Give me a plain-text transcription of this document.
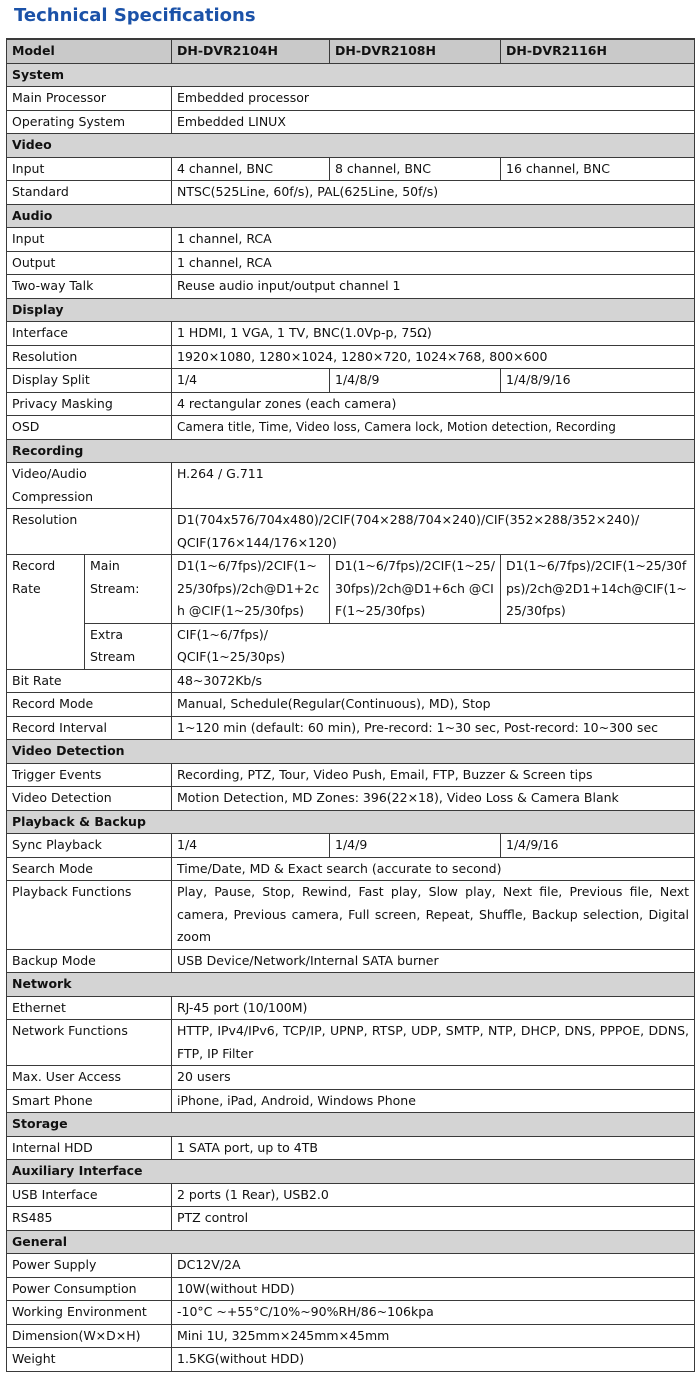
Technical Specifications
Model		DH-DVR2104H	DH-DVR2108H	DH-DVR2116H
System				
Main Processor		Embedded processor		
Operating System		Embedded LINUX		
Video				
Input		4 channel, BNC	8 channel, BNC	16 channel, BNC
Standard		NTSC(525Line, 60f/s), PAL(625Line, 50f/s)		
Audio				
Input		1 channel, RCA		
Output		1 channel, RCA		
Two-way Talk		Reuse audio input/output channel 1		
Display				
Interface		1 HDMI, 1 VGA, 1 TV, BNC(1.0Vp-p, 75Ω)		
Resolution		1920×1080, 1280×1024, 1280×720, 1024×768, 800×600		
Display Split		1/4	1/4/8/9	1/4/8/9/16
Privacy Masking		4 rectangular zones (each camera)		
OSD		Camera title, Time, Video loss, Camera lock, Motion detection, Recording		
Recording				
Video/Audio Compression		H.264 / G.711		
Resolution		D1(704x576/704x480)/2CIF(704×288/704×240)/CIF(352×288/352×240)/ QCIF(176×144/176×120)		
Record Rate	Main Stream:	D1(1~6/7fps)/2CIF(1~25/30fps)/2ch@D1+2ch @CIF(1~25/30fps)	D1(1~6/7fps)/2CIF(1~25/30fps)/2ch@D1+6ch @CIF(1~25/30fps)	D1(1~6/7fps)/2CIF(1~25/30fps)/2ch@2D1+14ch@CIF(1~25/30fps)
	Extra Stream	CIF(1~6/7fps)/ QCIF(1~25/30ps)		
Bit Rate		48~3072Kb/s		
Record Mode		Manual, Schedule(Regular(Continuous), MD), Stop		
Record Interval		1~120 min (default: 60 min), Pre-record: 1~30 sec, Post-record: 10~300 sec		
Video Detection				
Trigger Events		Recording, PTZ, Tour, Video Push, Email, FTP, Buzzer & Screen tips		
Video Detection		Motion Detection, MD Zones: 396(22×18), Video Loss & Camera Blank		
Playback & Backup				
Sync Playback		1/4	1/4/9	1/4/9/16
Search Mode		Time/Date, MD & Exact search (accurate to second)		
Playback Functions		Play, Pause, Stop, Rewind, Fast play, Slow play, Next file, Previous file, Next camera, Previous camera, Full screen, Repeat, Shuffle, Backup selection, Digital zoom		
Backup Mode		USB Device/Network/Internal SATA burner		
Network				
Ethernet		RJ-45 port (10/100M)		
Network Functions		HTTP, IPv4/IPv6, TCP/IP, UPNP, RTSP, UDP, SMTP, NTP, DHCP, DNS, PPPOE, DDNS, FTP, IP Filter		
Max. User Access		20 users		
Smart Phone		iPhone, iPad, Android, Windows Phone		
Storage				
Internal HDD		1 SATA port, up to 4TB		
Auxiliary Interface				
USB Interface		2 ports (1 Rear), USB2.0		
RS485		PTZ control		
General				
Power Supply		DC12V/2A		
Power Consumption		10W(without HDD)		
Working Environment		-10°C ~+55°C/10%~90%RH/86~106kpa		
Dimension(W×D×H)		Mini 1U, 325mm×245mm×45mm		
Weight		1.5KG(without HDD)		
